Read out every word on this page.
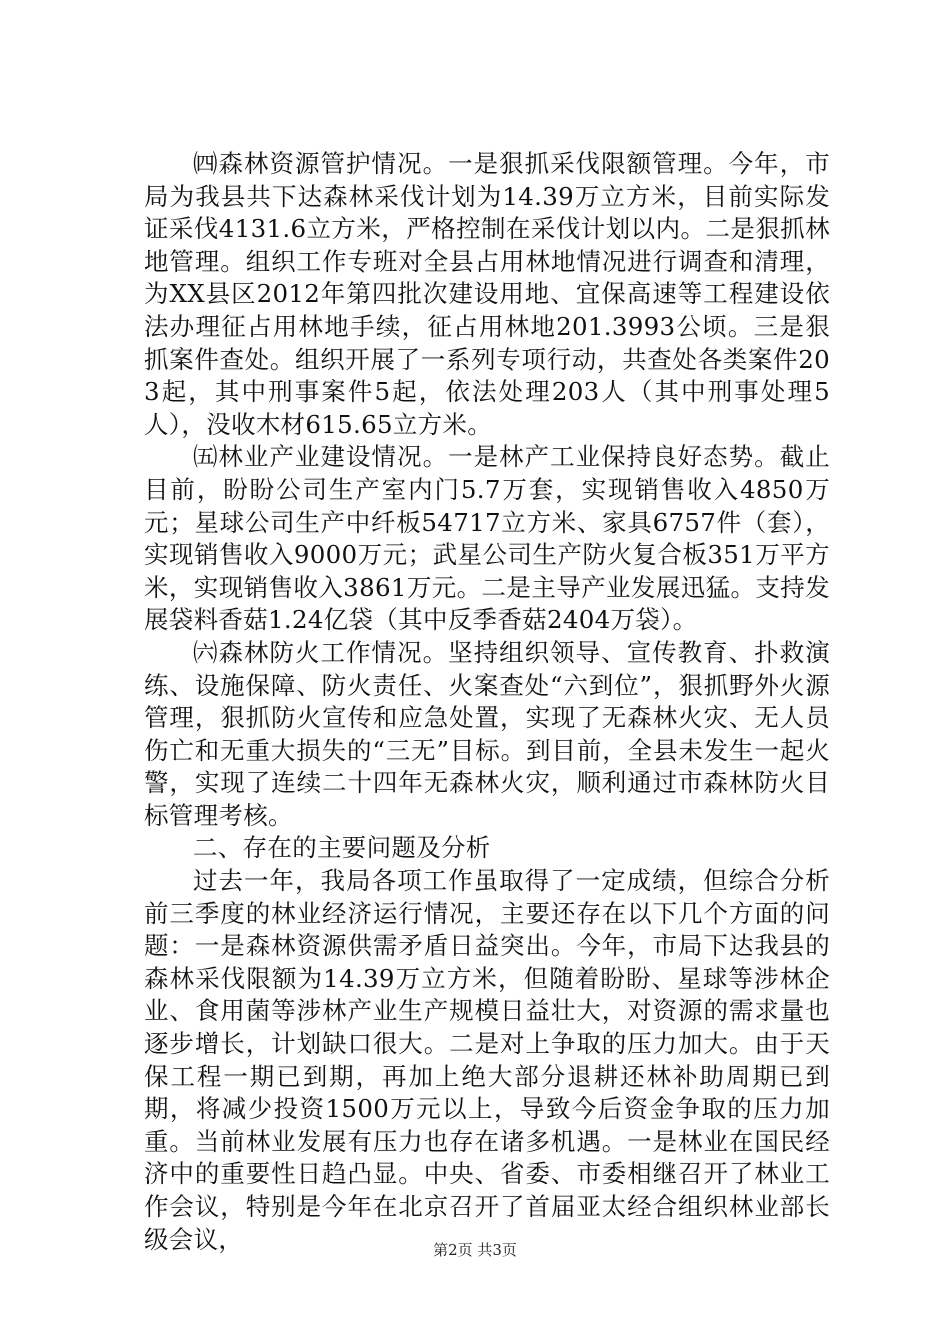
㈣森林资源管护情况。一是狠抓采伐限额管理。今年，市局为我县共下达森林采伐计划为14.39万立方米，目前实际发证采伐4131.6立方米，严格控制在采伐计划以内。二是狠抓林地管理。组织工作专班对全县占用林地情况进行调查和清理，为XX县区2012年第四批次建设用地、宜保高速等工程建设依法办理征占用林地手续，征占用林地201.3993公顷。三是狠抓案件查处。组织开展了一系列专项行动，共查处各类案件203起，其中刑事案件5起，依法处理203人（其中刑事处理5人），没收木材615.65立方米。

㈤林业产业建设情况。一是林产工业保持良好态势。截止目前，盼盼公司生产室内门5.7万套，实现销售收入4850万元；星球公司生产中纤板54717立方米、家具6757件（套），实现销售收入9000万元；武星公司生产防火复合板351万平方米，实现销售收入3861万元。二是主导产业发展迅猛。支持发展袋料香菇1.24亿袋（其中反季香菇2404万袋）。

㈥森林防火工作情况。坚持组织领导、宣传教育、扑救演练、设施保障、防火责任、火案查处“六到位”，狠抓野外火源管理，狠抓防火宣传和应急处置，实现了无森林火灾、无人员伤亡和无重大损失的“三无”目标。到目前，全县未发生一起火警，实现了连续二十四年无森林火灾，顺利通过市森林防火目标管理考核。

二、存在的主要问题及分析

过去一年，我局各项工作虽取得了一定成绩，但综合分析前三季度的林业经济运行情况，主要还存在以下几个方面的问题：一是森林资源供需矛盾日益突出。今年，市局下达我县的森林采伐限额为14.39万立方米，但随着盼盼、星球等涉林企业、食用菌等涉林产业生产规模日益壮大，对资源的需求量也逐步增长，计划缺口很大。二是对上争取的压力加大。由于天保工程一期已到期，再加上绝大部分退耕还林补助周期已到期，将减少投资1500万元以上，导致今后资金争取的压力加重。当前林业发展有压力也存在诸多机遇。一是林业在国民经济中的重要性日趋凸显。中央、省委、市委相继召开了林业工作会议，特别是今年在北京召开了首届亚太经合组织林业部长级会议，	第2页 共3页
